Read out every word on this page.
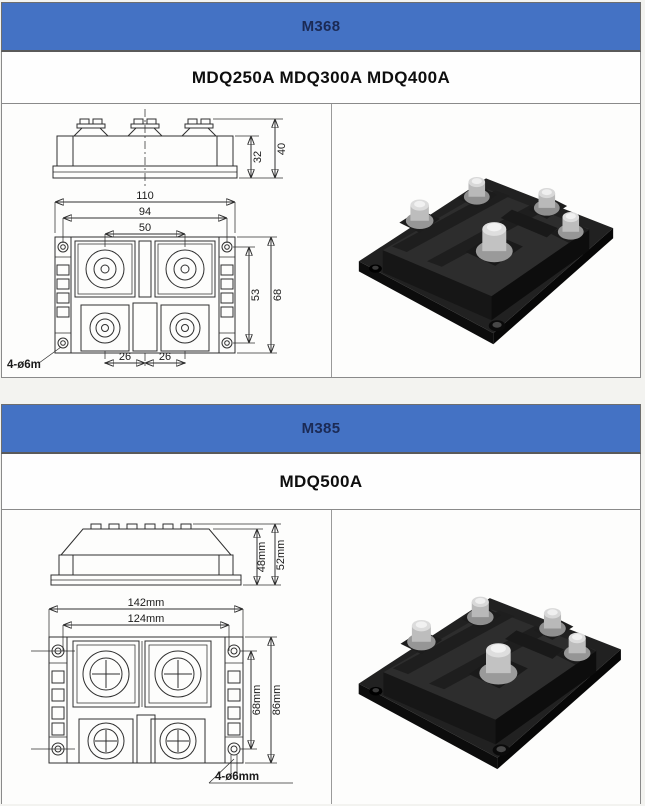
M368
MDQ250A MDQ300A MDQ400A
32
40
110
94
50
26	26
53 68
4-ø6m
M385
MDQ500A
48mm 52mm
142mm
124mm
68mm 86mm
4-ø6mm
